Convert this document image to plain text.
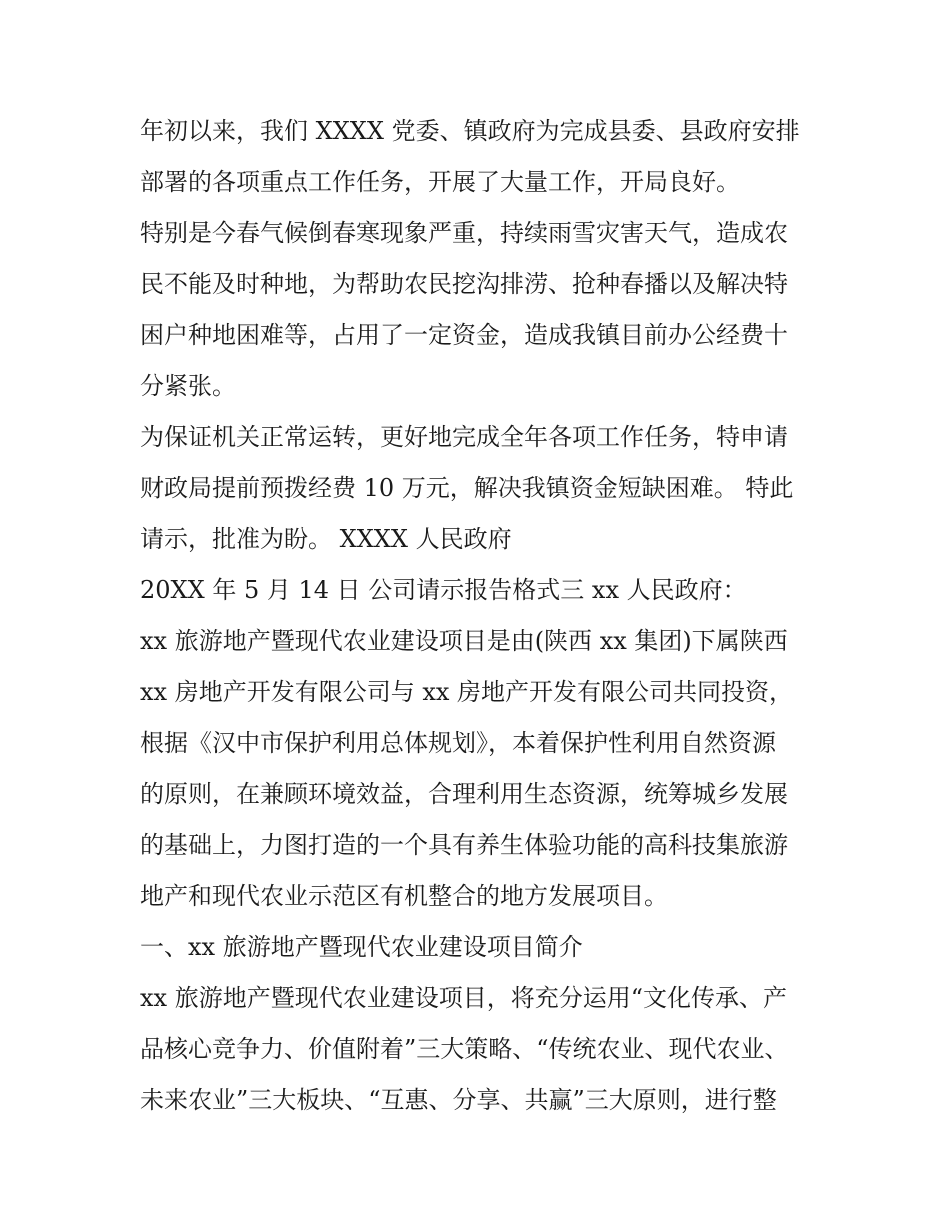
年初以来，我们 XXXX 党委、镇政府为完成县委、县政府安排
部署的各项重点工作任务，开展了大量工作，开局良好。
特别是今春气候倒春寒现象严重，持续雨雪灾害天气，造成农
民不能及时种地，为帮助农民挖沟排涝、抢种春播以及解决特
困户种地困难等，占用了一定资金，造成我镇目前办公经费十
分紧张。
为保证机关正常运转，更好地完成全年各项工作任务，特申请
财政局提前预拨经费 10 万元，解决我镇资金短缺困难。 特此
请示，批准为盼。 XXXX 人民政府
20XX 年 5 月 14 日 公司请示报告格式三 xx 人民政府：
xx 旅游地产暨现代农业建设项目是由(陕西 xx 集团)下属陕西
xx 房地产开发有限公司与 xx 房地产开发有限公司共同投资，
根据《汉中市保护利用总体规划》，本着保护性利用自然资源
的原则，在兼顾环境效益，合理利用生态资源，统筹城乡发展
的基础上，力图打造的一个具有养生体验功能的高科技集旅游
地产和现代农业示范区有机整合的地方发展项目。
一、xx 旅游地产暨现代农业建设项目简介
xx 旅游地产暨现代农业建设项目，将充分运用“文化传承、产
品核心竞争力、价值附着”三大策略、“传统农业、现代农业、
未来农业”三大板块、“互惠、分享、共赢”三大原则，进行整
